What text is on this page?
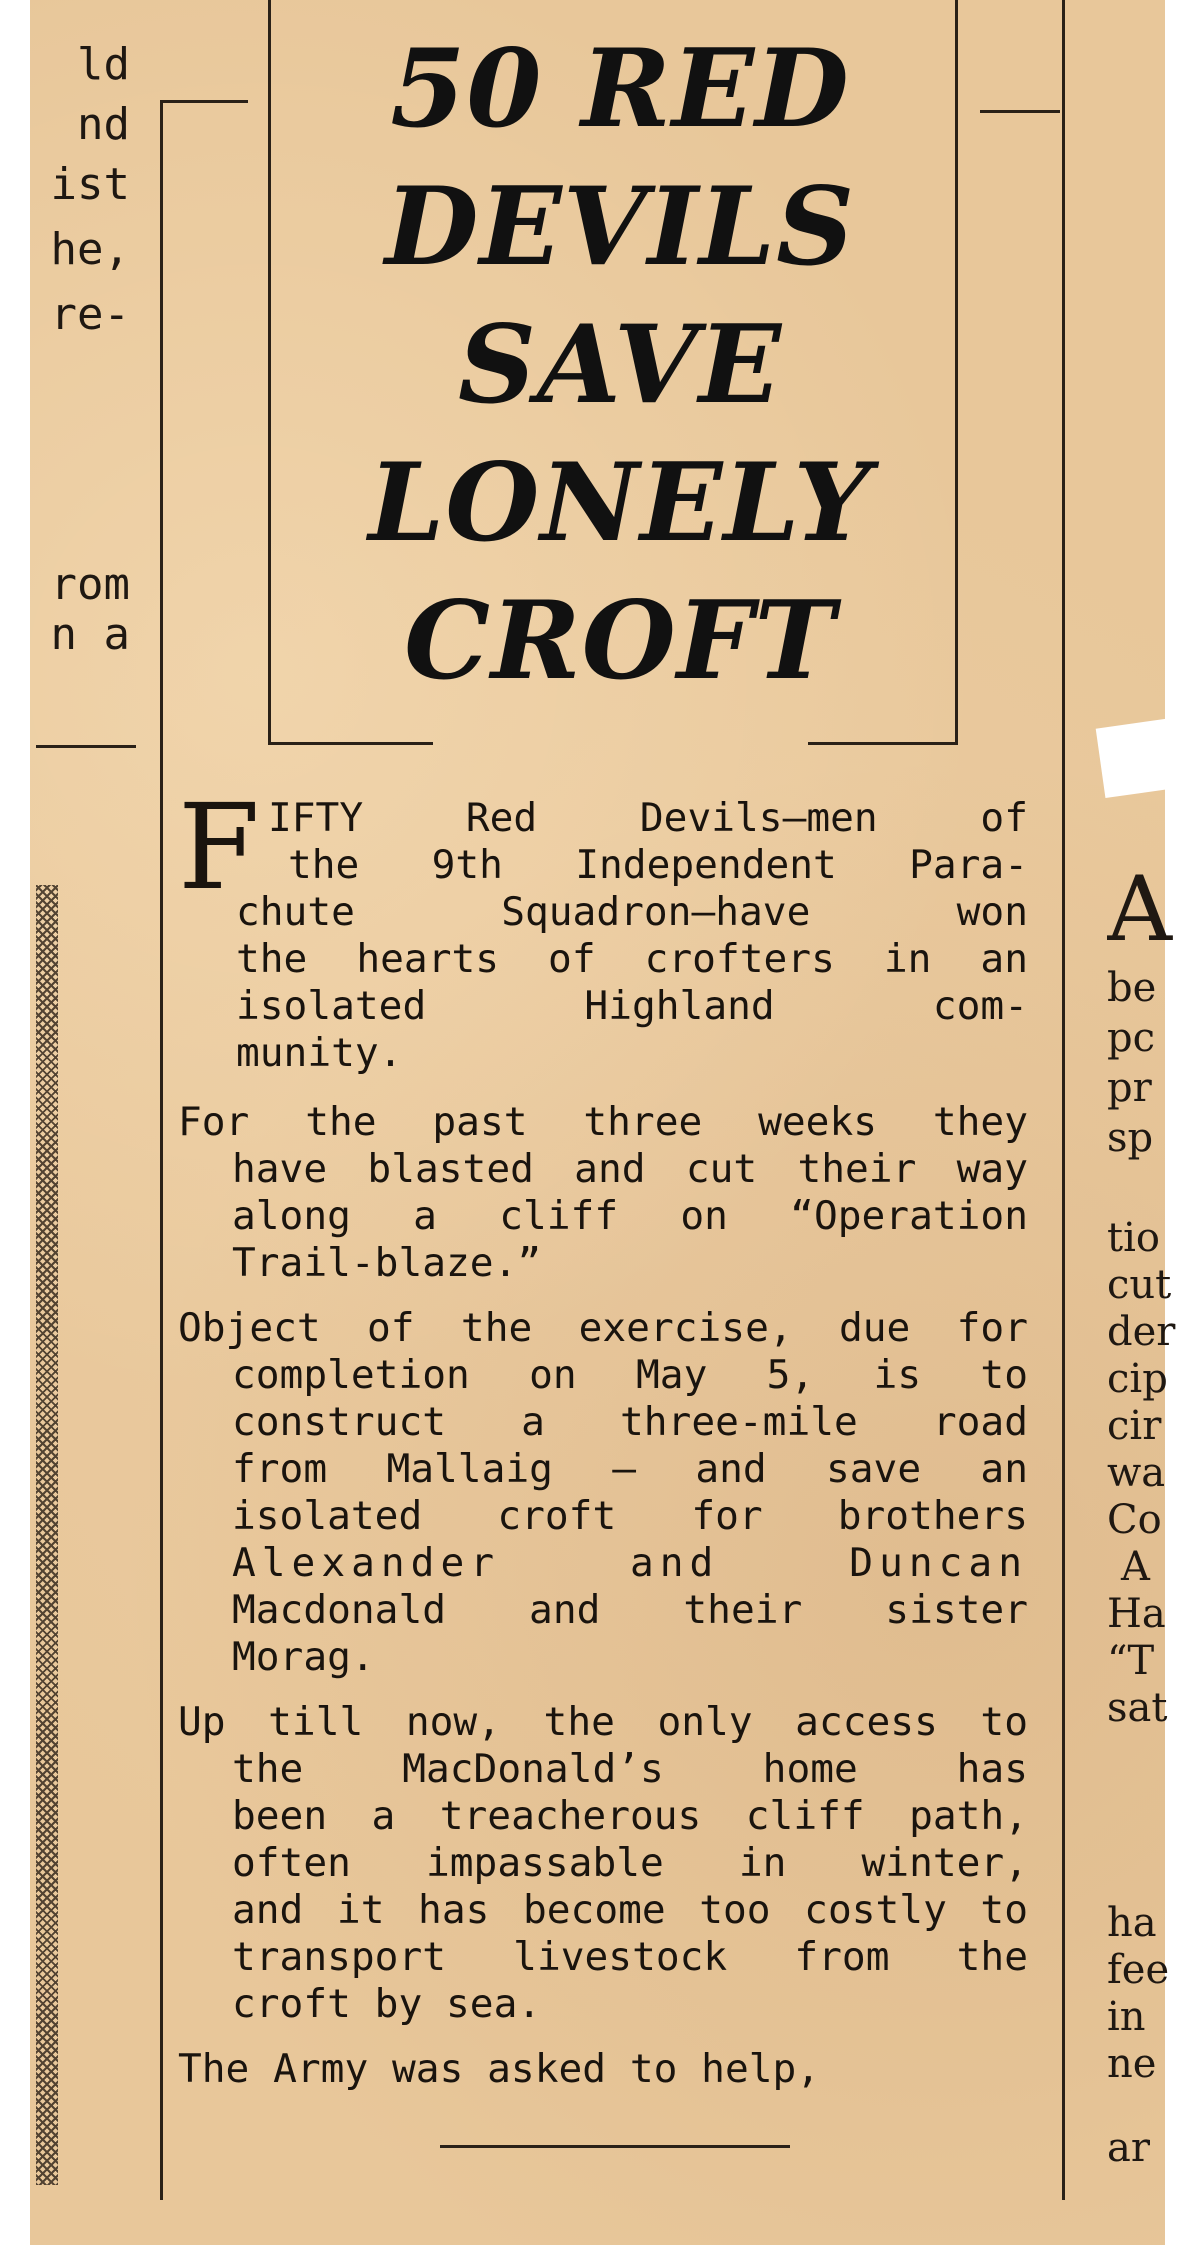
50 RED
DEVILS
SAVE
LONELY
CROFT
ld
nd
ist
he,
re-
rom
n a
A
be
pc
pr
sp
tio
cut
der
cip
cir
wa
Co
A
Ha
“T
sat
ha
fee
in
ne
ar
F IFTY Red Devils—men of
the 9th Independent Para-
chute Squadron—have won
the hearts of crofters in an
isolated Highland com-
munity.
For the past three weeks they
have blasted and cut their way
along a cliff on “Operation
Trail-blaze.”
Object of the exercise, due for
completion on May 5, is to
construct a three-mile road
from Mallaig — and save an
isolated croft for brothers
Alexander and Duncan
Macdonald and their sister
Morag.
Up till now, the only access to
the MacDonald’s home has
been a treacherous cliff path,
often impassable in winter,
and it has become too costly to
transport livestock from the
croft by sea.
The Army was asked to help,
